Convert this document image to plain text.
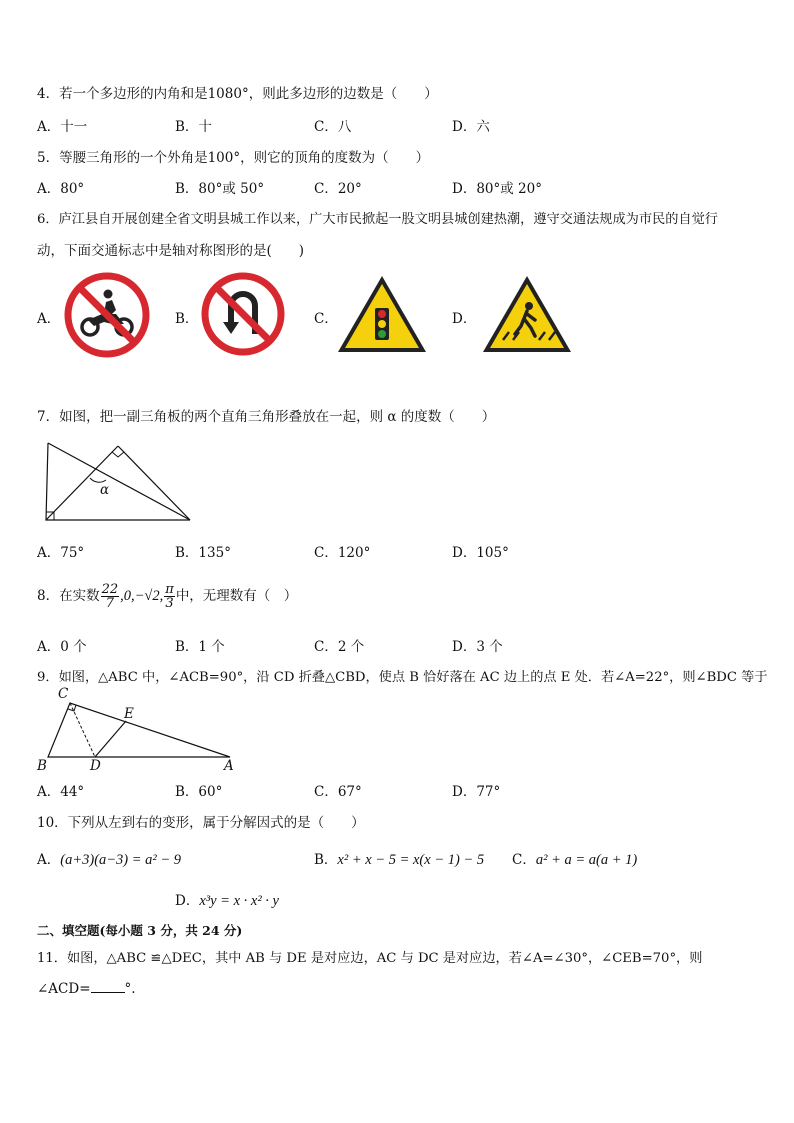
4．若一个多边形的内角和是1080°，则此多边形的边数是（　　）
A．十一	B．十	C．八	D．六
5．等腰三角形的一个外角是100°，则它的顶角的度数为（　　）
A．80°	B．80°或 50°	C．20°	D．80°或 20°
6．庐江县自开展创建全省文明县城工作以来，广大市民掀起一股文明县城创建热潮，遵守交通法规成为市民的自觉行
动，下面交通标志中是轴对称图形的是(　　)
A．	B．	C．	D．
7．如图，把一副三角板的两个直角三角形叠放在一起，则 α 的度数（　　）
α
A．75°	B．135°	C．120°	D．105°
8．在实数 $\frac{22}{7} ,0,-√2$, $\frac{\pi}{3}$ 中，无理数有（　）
A．0 个	B．1 个	C．2 个	D．3 个
9．如图，△ABC 中，∠ACB=90°，沿 CD 折叠△CBD，使点 B 恰好落在 AC 边上的点 E 处．若∠A=22°，则∠BDC 等于
C
E
B	D	A
A．44°	B．60°	C．67°	D．77°
10．下列从左到右的变形，属于分解因式的是（　　）
A．(a+3)(a−3) = a² − 9	B．x² + x − 5 = x(x − 1) − 5 C．a² + a = a(a + 1)
D．x³y = x · x² · y
二、填空题(每小题 3 分，共 24 分)
11．如图，△ABC ≌△DEC，其中 AB 与 DE 是对应边，AC 与 DC 是对应边，若∠A=∠30°，∠CEB=70°，则
∠ACD=	°.
